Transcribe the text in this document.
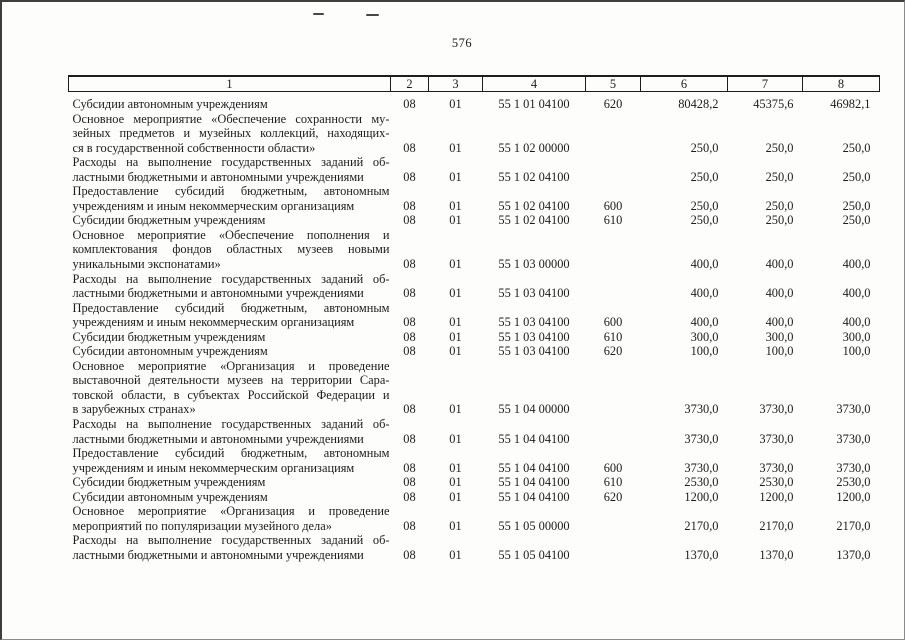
576
1	2	3	4	5	6	7	8

Субсидии автономным учреждениям	08	01	55 1 01 04100	620	80428,2	45375,6	46982,1

Основное мероприятие «Обеспечение сохранности му-
зейных предметов и музейных коллекций, находящих-
ся в государственной собственности области»	08	01	55 1 02 00000		250,0	250,0	250,0

Расходы на выполнение государственных заданий об-
ластными бюджетными и автономными учреждениями	08	01	55 1 02 04100		250,0	250,0	250,0

Предоставление субсидий бюджетным, автономным
учреждениям и иным некоммерческим организациям	08	01	55 1 02 04100	600	250,0	250,0	250,0

Субсидии бюджетным учреждениям	08	01	55 1 02 04100	610	250,0	250,0	250,0

Основное мероприятие «Обеспечение пополнения и
комплектования фондов областных музеев новыми
уникальными экспонатами»	08	01	55 1 03 00000		400,0	400,0	400,0

Расходы на выполнение государственных заданий об-
ластными бюджетными и автономными учреждениями	08	01	55 1 03 04100		400,0	400,0	400,0

Предоставление субсидий бюджетным, автономным
учреждениям и иным некоммерческим организациям	08	01	55 1 03 04100	600	400,0	400,0	400,0

Субсидии бюджетным учреждениям	08	01	55 1 03 04100	610	300,0	300,0	300,0

Субсидии автономным учреждениям	08	01	55 1 03 04100	620	100,0	100,0	100,0

Основное мероприятие «Организация и проведение
выставочной деятельности музеев на территории Сара-
товской области, в субъектах Российской Федерации и
в зарубежных странах»	08	01	55 1 04 00000		3730,0	3730,0	3730,0

Расходы на выполнение государственных заданий об-
ластными бюджетными и автономными учреждениями	08	01	55 1 04 04100		3730,0	3730,0	3730,0

Предоставление субсидий бюджетным, автономным
учреждениям и иным некоммерческим организациям	08	01	55 1 04 04100	600	3730,0	3730,0	3730,0

Субсидии бюджетным учреждениям	08	01	55 1 04 04100	610	2530,0	2530,0	2530,0

Субсидии автономным учреждениям	08	01	55 1 04 04100	620	1200,0	1200,0	1200,0

Основное мероприятие «Организация и проведение
мероприятий по популяризации музейного дела»	08	01	55 1 05 00000		2170,0	2170,0	2170,0

Расходы на выполнение государственных заданий об-
ластными бюджетными и автономными учреждениями	08	01	55 1 05 04100		1370,0	1370,0	1370,0
